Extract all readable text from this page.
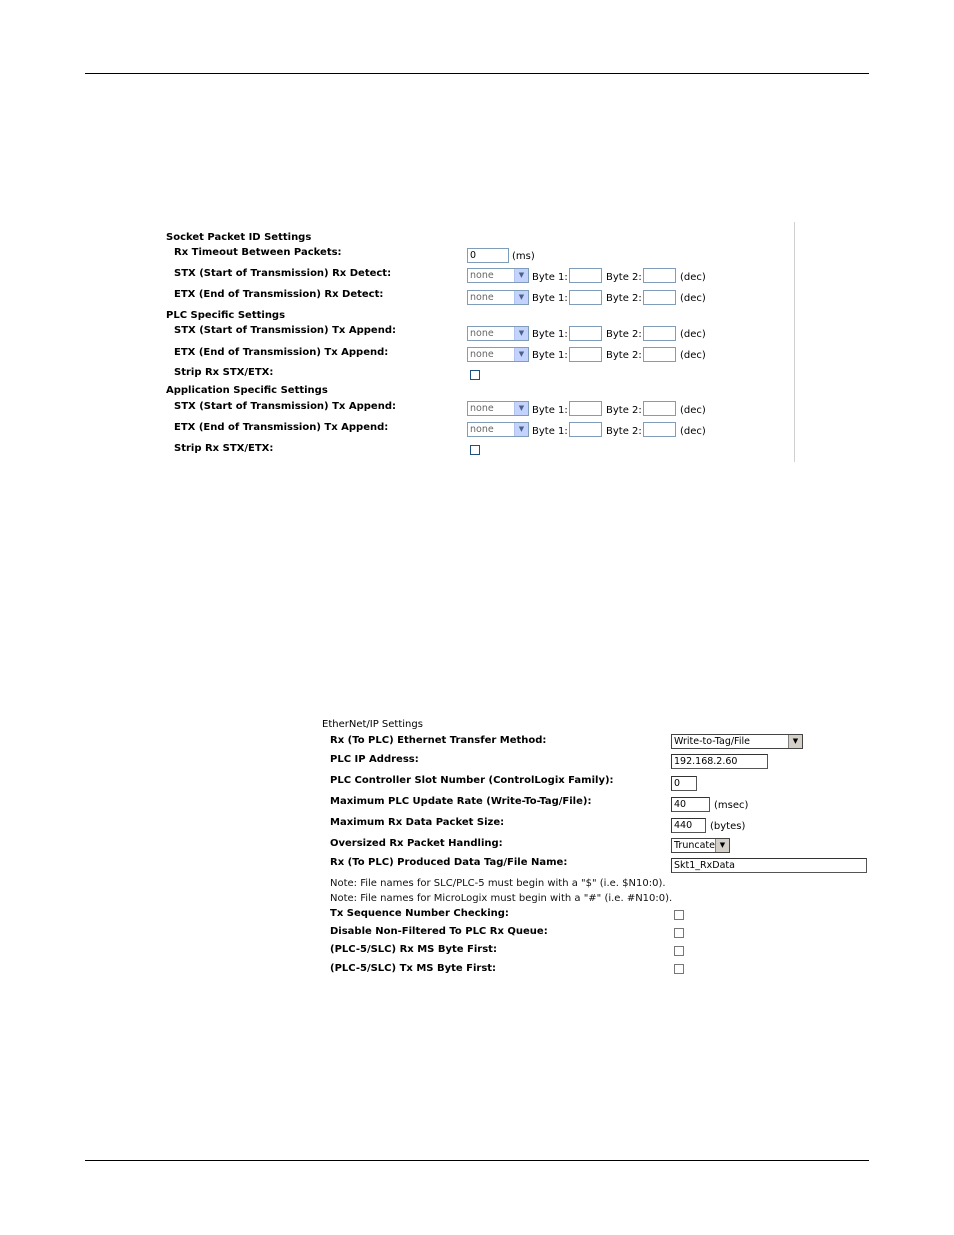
Socket Packet ID Settings
Rx Timeout Between Packets:	0	(ms)
STX (Start of Transmission) Rx Detect:	none	▼ Byte 1:	Byte 2:	(dec)
ETX (End of Transmission) Rx Detect:	none	▼ Byte 1:	Byte 2:	(dec)
PLC Specific Settings
STX (Start of Transmission) Tx Append:	none	▼ Byte 1:	Byte 2:	(dec)
ETX (End of Transmission) Tx Append:	none	▼ Byte 1:	Byte 2:	(dec)
Strip Rx STX/ETX:
Application Specific Settings
STX (Start of Transmission) Tx Append:	none	▼ Byte 1:	Byte 2:	(dec)
ETX (End of Transmission) Tx Append:	none	▼ Byte 1:	Byte 2:	(dec)
Strip Rx STX/ETX:
EtherNet/IP Settings
Rx (To PLC) Ethernet Transfer Method:	Write-to-Tag/File	▼
PLC IP Address:	192.168.2.60
PLC Controller Slot Number (ControlLogix Family):	0
Maximum PLC Update Rate (Write-To-Tag/File):	40	(msec)
Maximum Rx Data Packet Size:	440	(bytes)
Oversized Rx Packet Handling:	Truncate ▼
Rx (To PLC) Produced Data Tag/File Name:	Skt1_RxData
Note: File names for SLC/PLC-5 must begin with a "$" (i.e. $N10:0).
Note: File names for MicroLogix must begin with a "#" (i.e. #N10:0).
Tx Sequence Number Checking:
Disable Non-Filtered To PLC Rx Queue:
(PLC-5/SLC) Rx MS Byte First:
(PLC-5/SLC) Tx MS Byte First:
